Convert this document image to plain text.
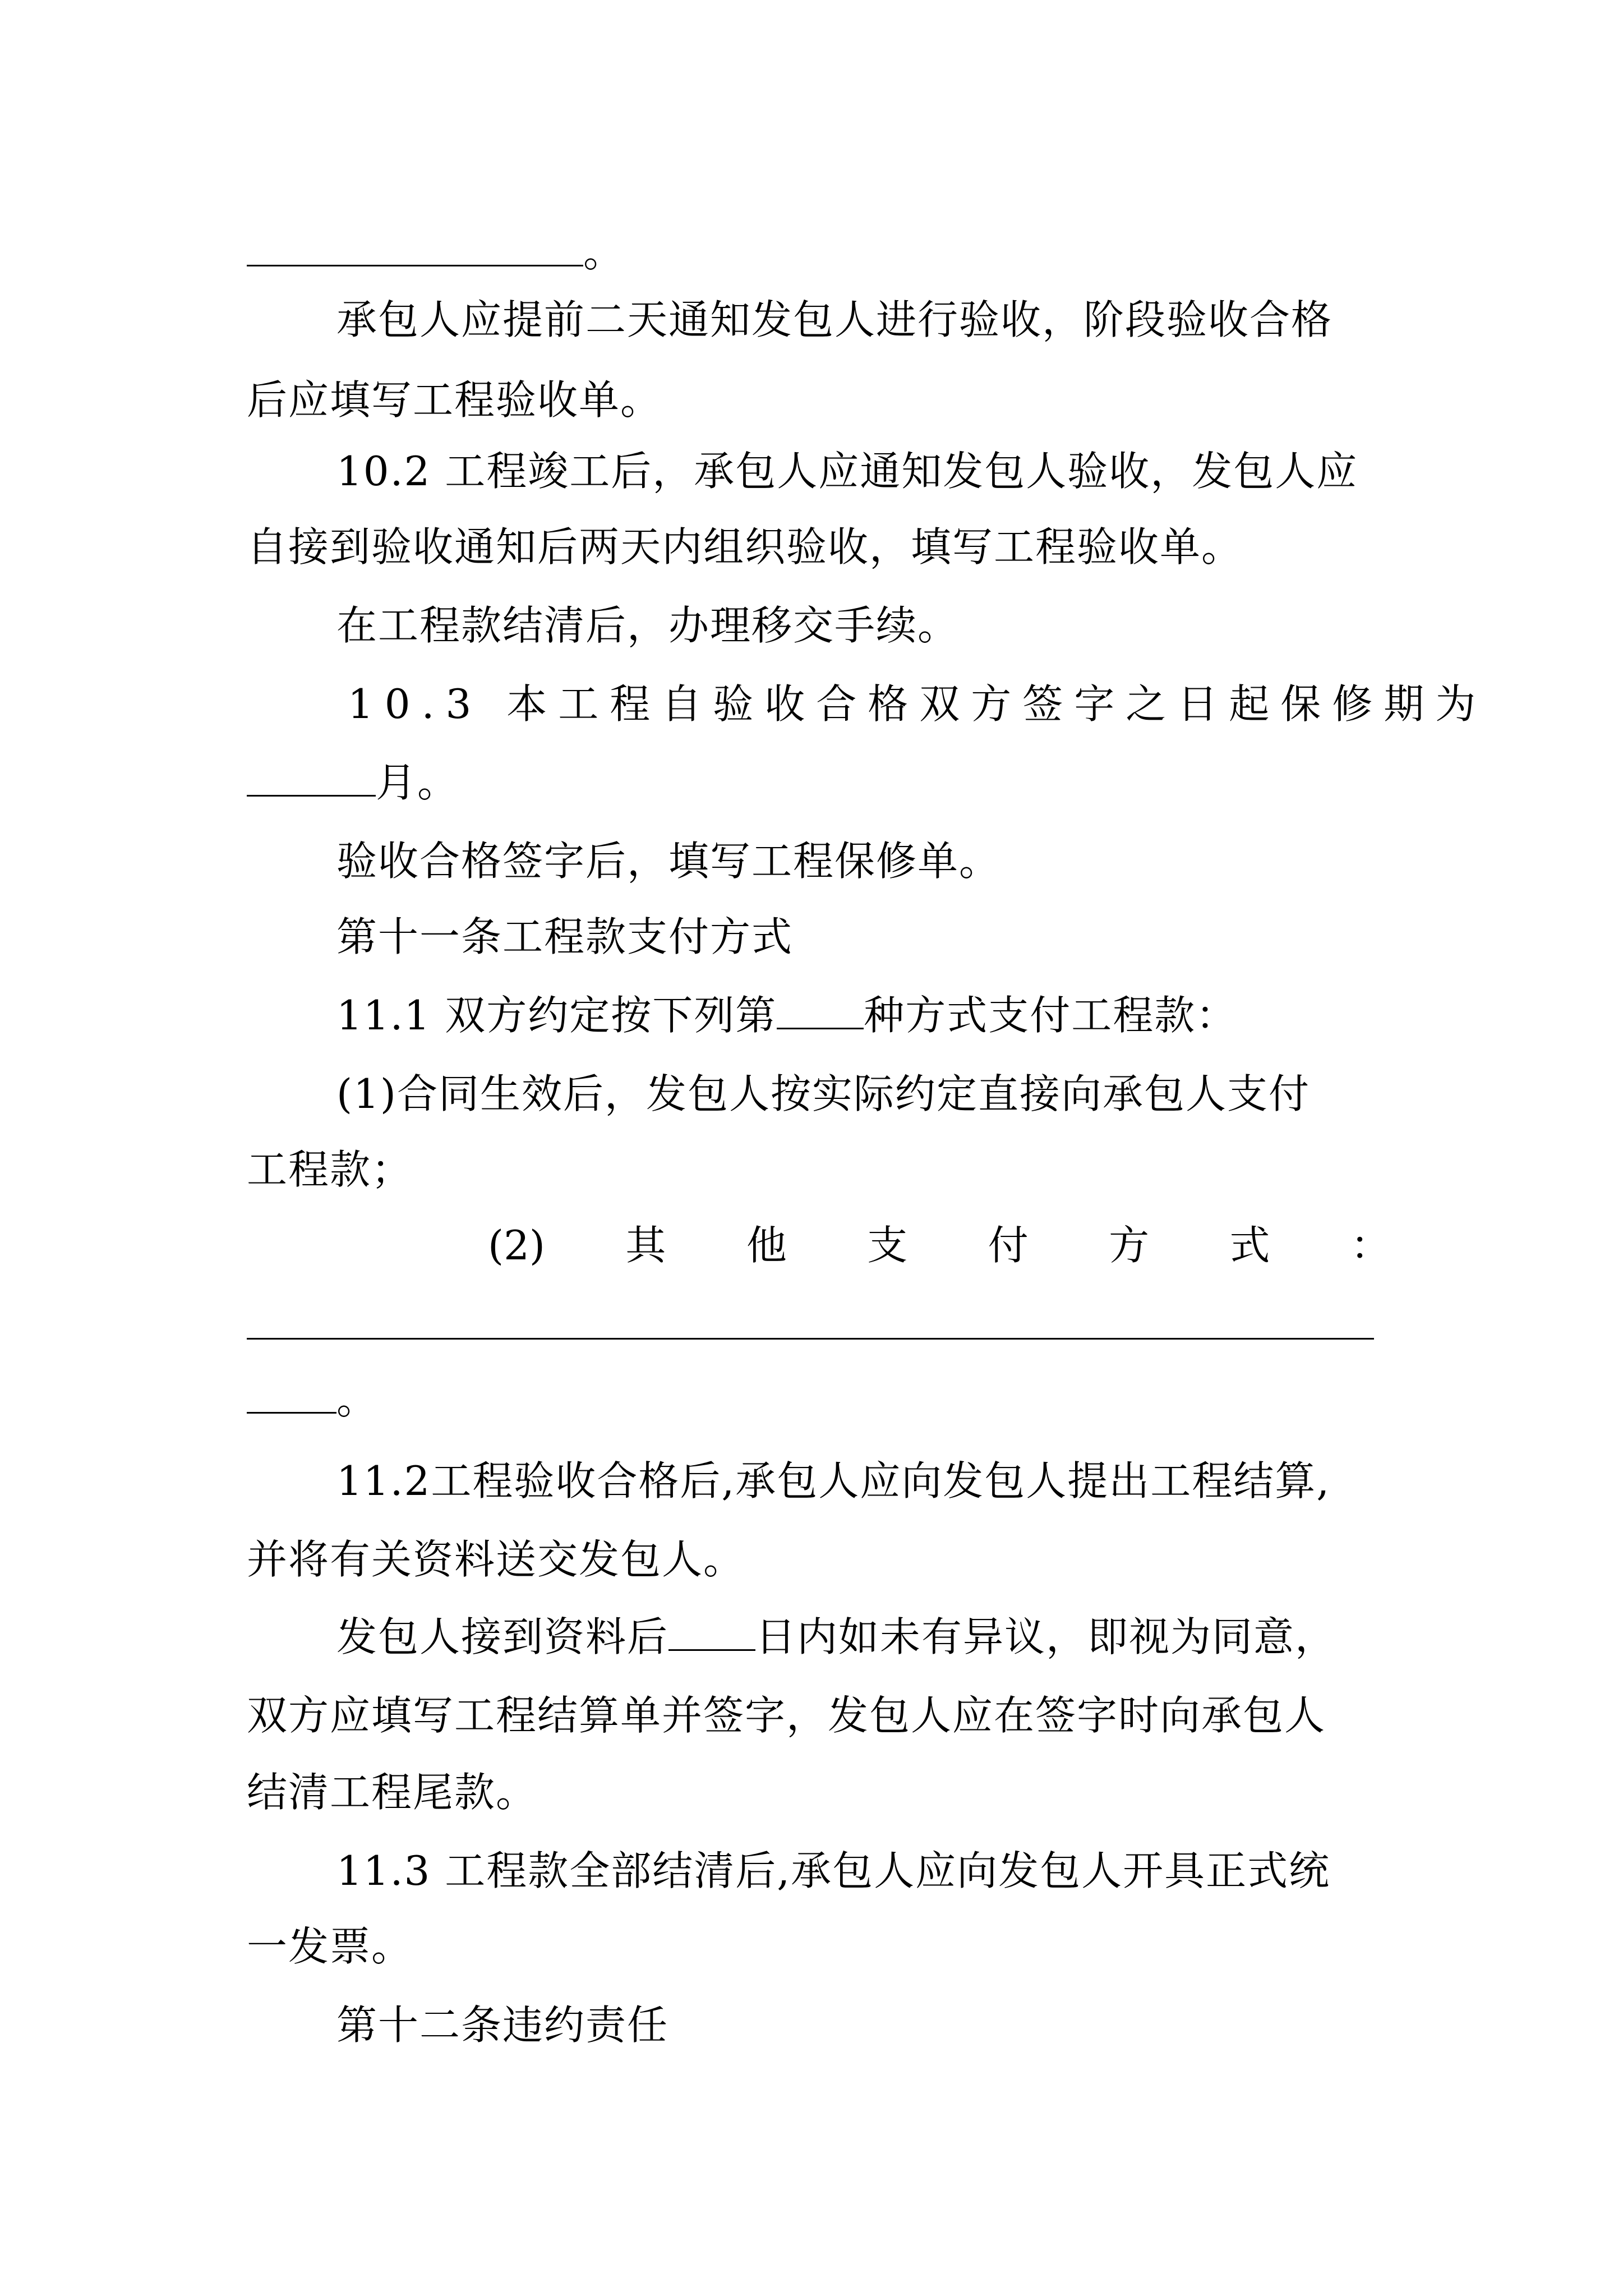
。
承包人应提前二天通知发包人进行验收，阶段验收合格
后应填写工程验收单。
10.2 工程竣工后，承包人应通知发包人验收，发包人应
自接到验收通知后两天内组织验收，填写工程验收单。
在工程款结清后，办理移交手续。
10.3 本工程自验收合格双方签字之日起保修期为
月。
验收合格签字后，填写工程保修单。
第十一条工程款支付方式
11.1 双方约定按下列第 种方式支付工程款：
(1)合同生效后，发包人按实际约定直接向承包人支付
工程款；
(2) 其 他 支 付 方 式 ：
。
11.2工程验收合格后,承包人应向发包人提出工程结算,
并将有关资料送交发包人。
发包人接到资料后 日内如未有异议，即视为同意，
双方应填写工程结算单并签字，发包人应在签字时向承包人
结清工程尾款。
11.3 工程款全部结清后,承包人应向发包人开具正式统
一发票。
第十二条违约责任
